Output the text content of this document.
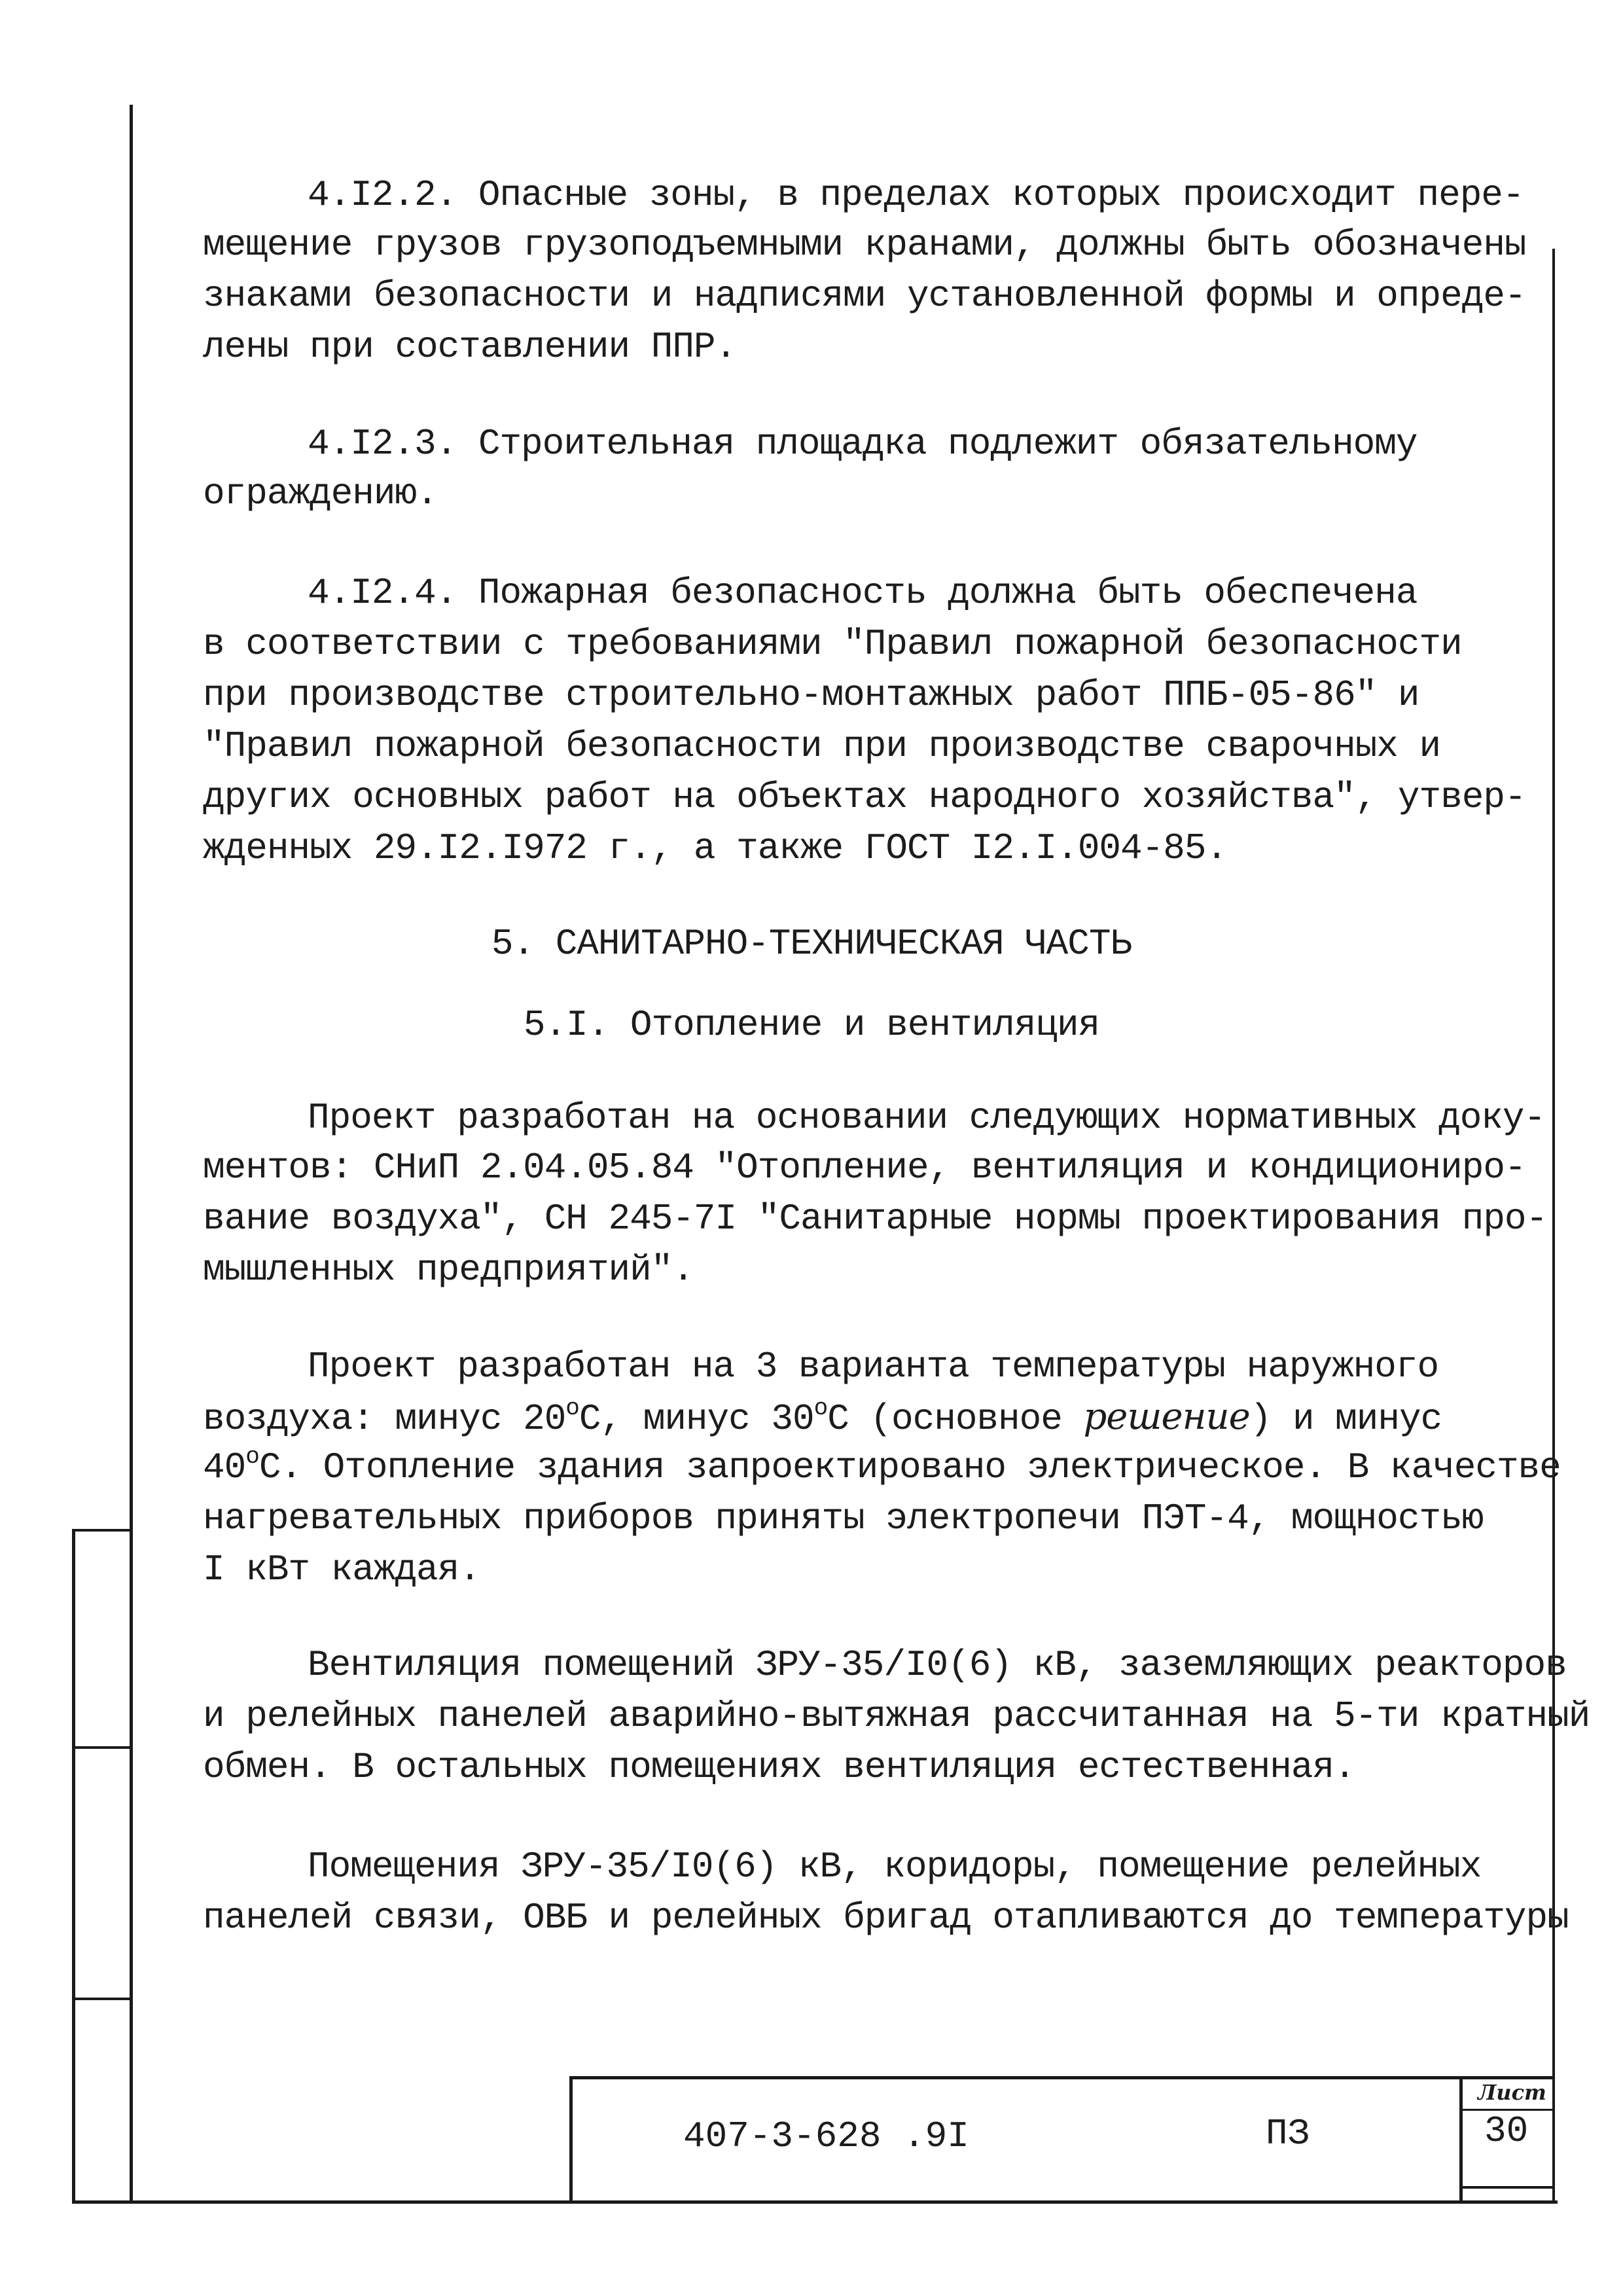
Лист
407-3-628 .9I	ПЗ	30
4.I2.2. Опасные зоны, в пределах которых происходит пере-
мещение грузов грузоподъемными кранами, должны быть обозначены
знаками безопасности и надписями установленной формы и опреде-
лены при составлении ППР.
4.I2.3. Строительная площадка подлежит обязательному
ограждению.
4.I2.4. Пожарная безопасность должна быть обеспечена
в соответствии с требованиями "Правил пожарной безопасности
при производстве строительно-монтажных работ ППБ-05-86" и
"Правил пожарной безопасности при производстве сварочных и
других основных работ на объектах народного хозяйства", утвер-
жденных 29.I2.I972 г., а также ГОСТ I2.I.004-85.
5. САНИТАРНО-ТЕХНИЧЕСКАЯ ЧАСТЬ
5.I. Отопление и вентиляция
Проект разработан на основании следующих нормативных доку-
ментов: СНиП 2.04.05.84 "Отопление, вентиляция и кондициониро-
вание воздуха", СН 245-7I "Санитарные нормы проектирования про-
мышленных предприятий".
Проект разработан на 3 варианта температуры наружного
воздуха: минус 20$^o$С, минус 30$^o$С (основное решение) и минус
40$^o$С. Отопление здания запроектировано электрическое. В качестве
нагревательных приборов приняты электропечи ПЭТ-4, мощностью
I кВт каждая.
Вентиляция помещений ЗРУ-35/I0(6) кВ, заземляющих реакторов
и релейных панелей аварийно-вытяжная рассчитанная на 5-ти кратный
обмен. В остальных помещениях вентиляция естественная.
Помещения ЗРУ-35/I0(6) кВ, коридоры, помещение релейных
панелей связи, ОВБ и релейных бригад отапливаются до температуры
